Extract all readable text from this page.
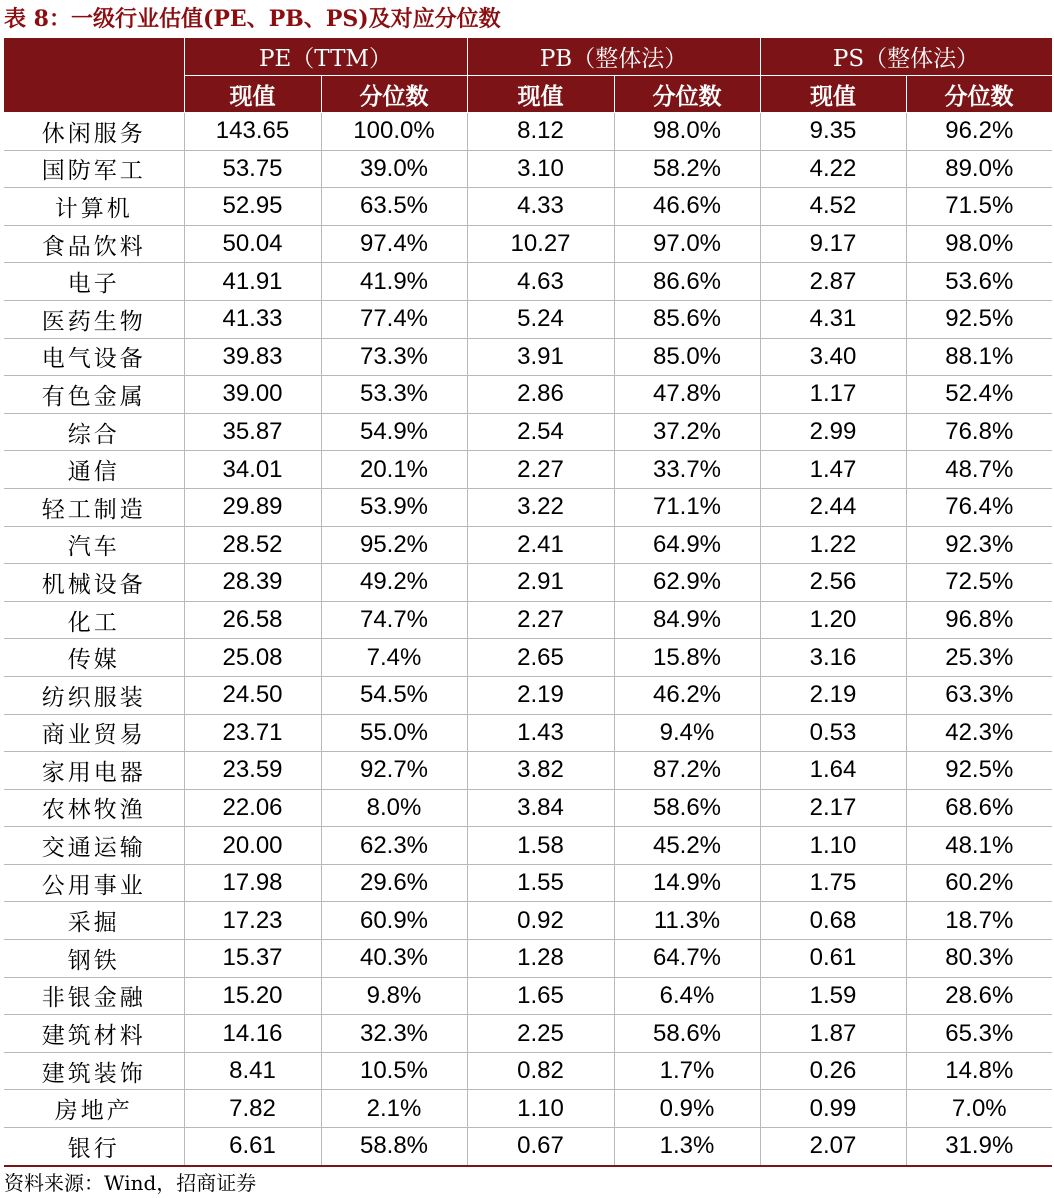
表 8：一级行业估值(PE、PB、PS)及对应分位数
	PE（TTM）		PB（整体法）		PS（整体法）	
	现值	分位数	现值	分位数	现值	分位数
休闲服务	143.65	100.0%	8.12	98.0%	9.35	96.2%
国防军工	53.75	39.0%	3.10	58.2%	4.22	89.0%
计算机	52.95	63.5%	4.33	46.6%	4.52	71.5%
食品饮料	50.04	97.4%	10.27	97.0%	9.17	98.0%
电子	41.91	41.9%	4.63	86.6%	2.87	53.6%
医药生物	41.33	77.4%	5.24	85.6%	4.31	92.5%
电气设备	39.83	73.3%	3.91	85.0%	3.40	88.1%
有色金属	39.00	53.3%	2.86	47.8%	1.17	52.4%
综合	35.87	54.9%	2.54	37.2%	2.99	76.8%
通信	34.01	20.1%	2.27	33.7%	1.47	48.7%
轻工制造	29.89	53.9%	3.22	71.1%	2.44	76.4%
汽车	28.52	95.2%	2.41	64.9%	1.22	92.3%
机械设备	28.39	49.2%	2.91	62.9%	2.56	72.5%
化工	26.58	74.7%	2.27	84.9%	1.20	96.8%
传媒	25.08	7.4%	2.65	15.8%	3.16	25.3%
纺织服装	24.50	54.5%	2.19	46.2%	2.19	63.3%
商业贸易	23.71	55.0%	1.43	9.4%	0.53	42.3%
家用电器	23.59	92.7%	3.82	87.2%	1.64	92.5%
农林牧渔	22.06	8.0%	3.84	58.6%	2.17	68.6%
交通运输	20.00	62.3%	1.58	45.2%	1.10	48.1%
公用事业	17.98	29.6%	1.55	14.9%	1.75	60.2%
采掘	17.23	60.9%	0.92	11.3%	0.68	18.7%
钢铁	15.37	40.3%	1.28	64.7%	0.61	80.3%
非银金融	15.20	9.8%	1.65	6.4%	1.59	28.6%
建筑材料	14.16	32.3%	2.25	58.6%	1.87	65.3%
建筑装饰	8.41	10.5%	0.82	1.7%	0.26	14.8%
房地产	7.82	2.1%	1.10	0.9%	0.99	7.0%
银行	6.61	58.8%	0.67	1.3%	2.07	31.9%
资料来源：Wind，招商证券
